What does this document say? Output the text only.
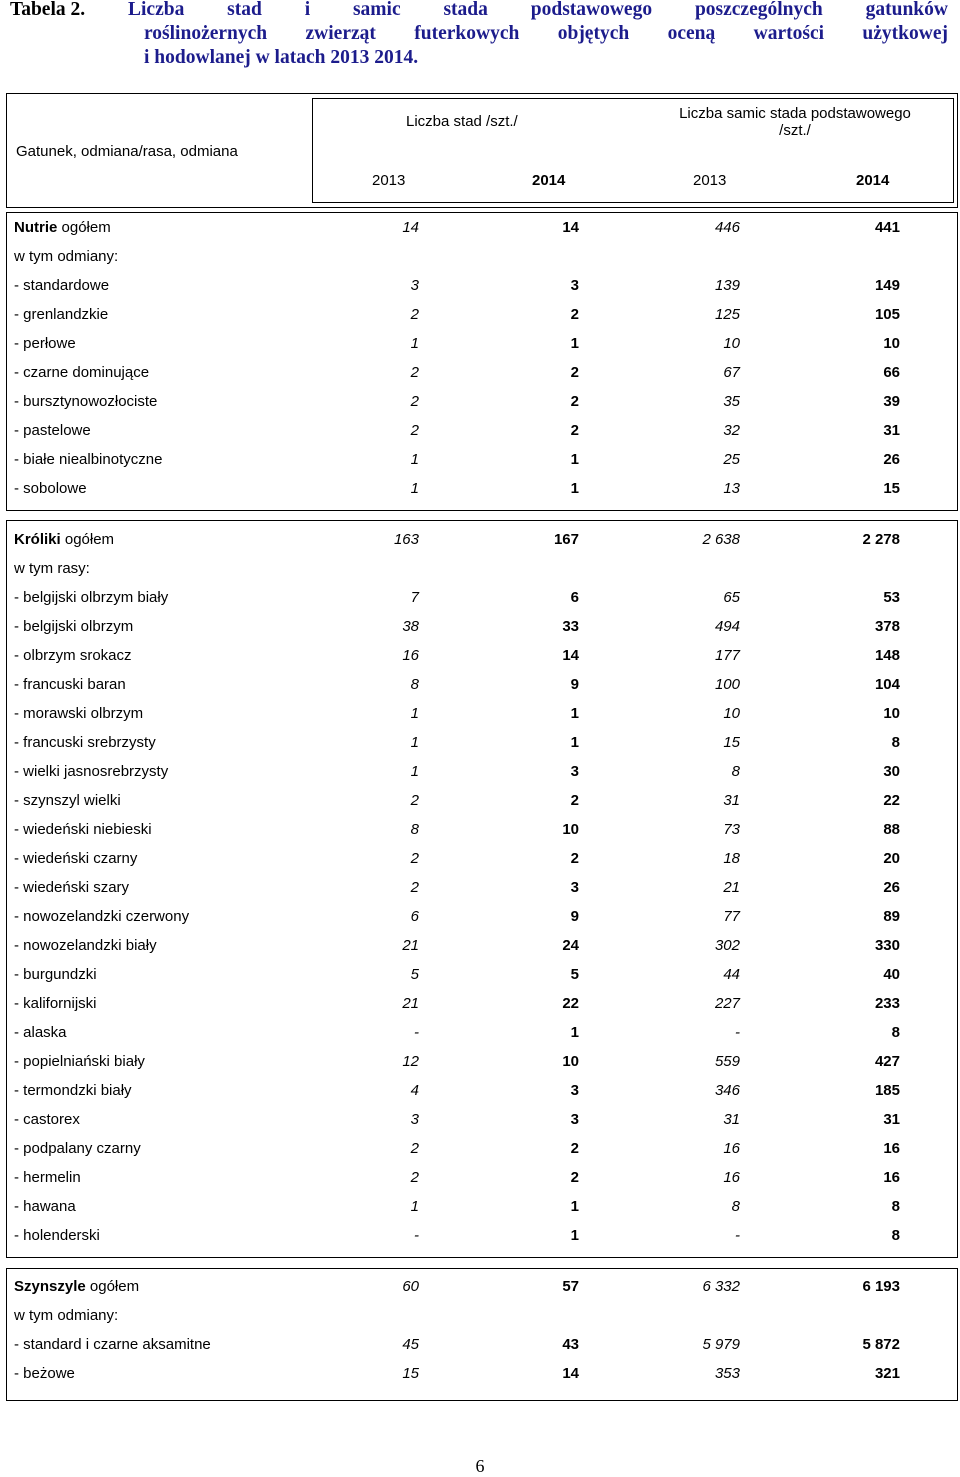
Tabela 2. Liczba stad i samic stada podstawowego poszczególnych gatunków
roślinożernych zwierząt futerkowych objętych oceną wartości użytkowej
i hodowlanej w latach 2013 2014.
Gatunek, odmiana/rasa, odmiana
Liczba stad /szt./	Liczba samic stada podstawowego
/szt./
2013	2014	2013	2014
Nutrie ogółem	14	14	446	441
w tym odmiany:
- standardowe	3	3	139	149
- grenlandzkie	2	2	125	105
- perłowe	1	1	10	10
- czarne dominujące	2	2	67	66
- bursztynowozłociste	2	2	35	39
- pastelowe	2	2	32	31
- białe niealbinotyczne	1	1	25	26
- sobolowe	1	1	13	15
Króliki ogółem	163	167	2 638	2 278
w tym rasy:
- belgijski olbrzym biały	7	6	65	53
- belgijski olbrzym	38	33	494	378
- olbrzym srokacz	16	14	177	148
- francuski baran	8	9	100	104
- morawski olbrzym	1	1	10	10
- francuski srebrzysty	1	1	15	8
- wielki jasnosrebrzysty	1	3	8	30
- szynszyl wielki	2	2	31	22
- wiedeński niebieski	8	10	73	88
- wiedeński czarny	2	2	18	20
- wiedeński szary	2	3	21	26
- nowozelandzki czerwony	6	9	77	89
- nowozelandzki biały	21	24	302	330
- burgundzki	5	5	44	40
- kalifornijski	21	22	227	233
- alaska	-	1	-	8
- popielniański biały	12	10	559	427
- termondzki biały	4	3	346	185
- castorex	3	3	31	31
- podpalany czarny	2	2	16	16
- hermelin	2	2	16	16
- hawana	1	1	8	8
- holenderski	-	1	-	8
Szynszyle ogółem	60	57	6 332	6 193
w tym odmiany:
- standard i czarne aksamitne	45	43	5 979	5 872
- beżowe	15	14	353	321
6
